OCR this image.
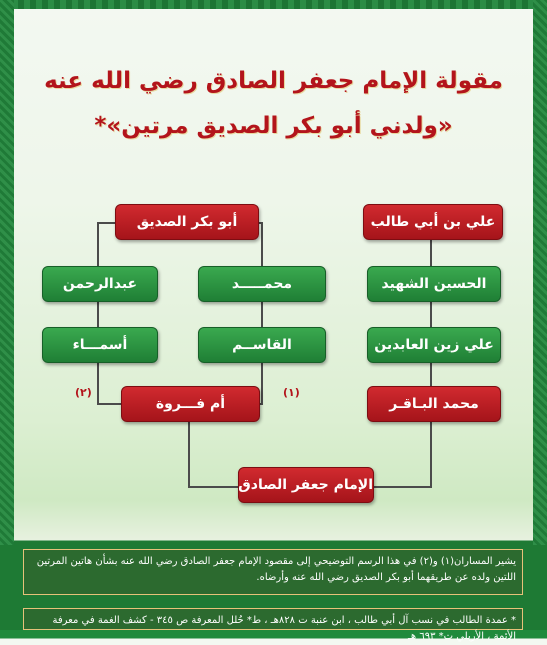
مقولة الإمام جعفر الصادق رضي الله عنه
«ولدني أبو بكر الصديق مرتين»*
أبو بكر الصديق
عبدالرحمن	محمـــــد
أسمـــاء	القاســم
أم فـــروة
(٢)	(١)
علي بن أبي طالب
الحسين الشهيد
علي زين العابدين
محمد البـاقـر
الإمام جعفر الصادق
يشير المساران(١) و(٢) في هذا الرسم التوضيحي إلى مقصود الإمام جعفر الصادق رضي الله عنه بشأن هاتين المرتين اللتين ولده عن طريقهما أبو بكر الصديق رضي الله عنه وأرضاه.
* عمدة الطالب في نسب آل أبي طالب ، ابن عنبة ت ٨٢٨هـ ، ط* حُلل المعرفة ص ٣٤٥ - كشف الغمة في معرفة الأئمة ، الأربلي ت* ٦٩٣ هـ
